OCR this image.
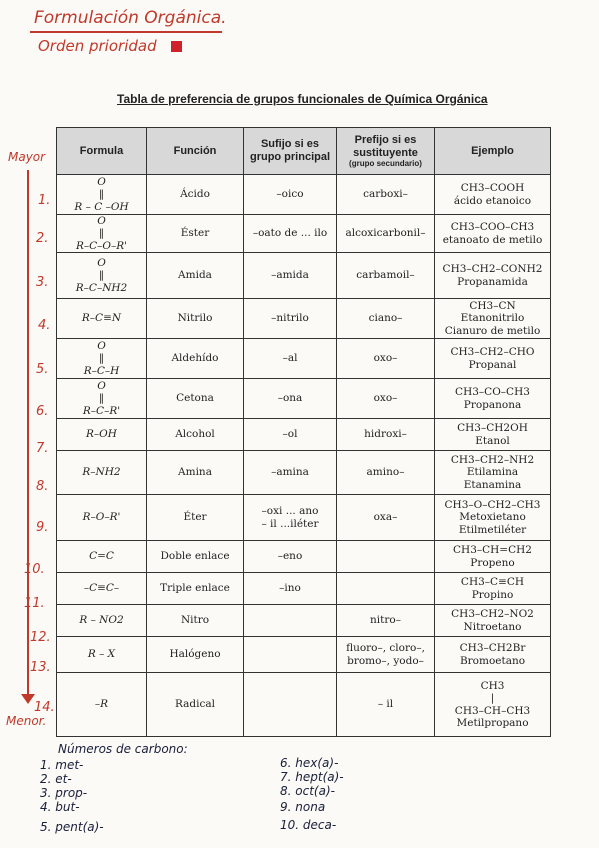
Formulación Orgánica.
Orden prioridad
Tabla de preferencia de grupos funcionales de Química Orgánica
Formula	Función	Sufijo si es
grupo principal	Prefijo si es
sustituyente
(grupo secundario)	Ejemplo
O
‖
R – C –OH	Ácido	–oico	carboxi–	CH3–COOH
ácido etanoico
O
‖
R–C–O–R'	Éster	–oato de ... ilo	alcoxicarbonil–	CH3–COO–CH3
etanoato de metilo
O
‖
R–C–NH2	Amida	–amida	carbamoil–	CH3–CH2–CONH2
Propanamida
R–C≡N	Nitrilo	–nitrilo	ciano–	CH3–CN
Etanonitrilo
Cianuro de metilo
O
‖
R–C–H	Aldehído	–al	oxo–	CH3–CH2–CHO
Propanal
O
‖
R–C–R'	Cetona	–ona	oxo–	CH3–CO–CH3
Propanona
R–OH	Alcohol	–ol	hidroxi–	CH3–CH2OH
Etanol
R–NH2	Amina	–amina	amino–	CH3–CH2–NH2
Etilamina
Etanamina
R–O–R'	Éter	–oxi ... ano
– il ...iléter	oxa–	CH3–O–CH2–CH3
Metoxietano
Etilmetiléter
C=C	Doble enlace	–eno		CH3–CH=CH2
Propeno
–C≡C–	Triple enlace	–ino		CH3–C≡CH
Propino
R – NO2	Nitro		nitro–	CH3–CH2–NO2
Nitroetano
R – X	Halógeno		fluoro–, cloro–,
bromo–, yodo–	CH3–CH2Br
Bromoetano
–R	Radical		– il	CH3
|
CH3–CH–CH3
Metilpropano
Mayor
Menor.
1.
2.
3.
4.
5.
6.
7.
8.
9.
10.
11.
12.
13.
14.
Números de carbono:
1. met-
2. et-
3. prop-
4. but-
5. pent(a)-
6. hex(a)-
7. hept(a)-
8. oct(a)-
9. nona
10. deca-
